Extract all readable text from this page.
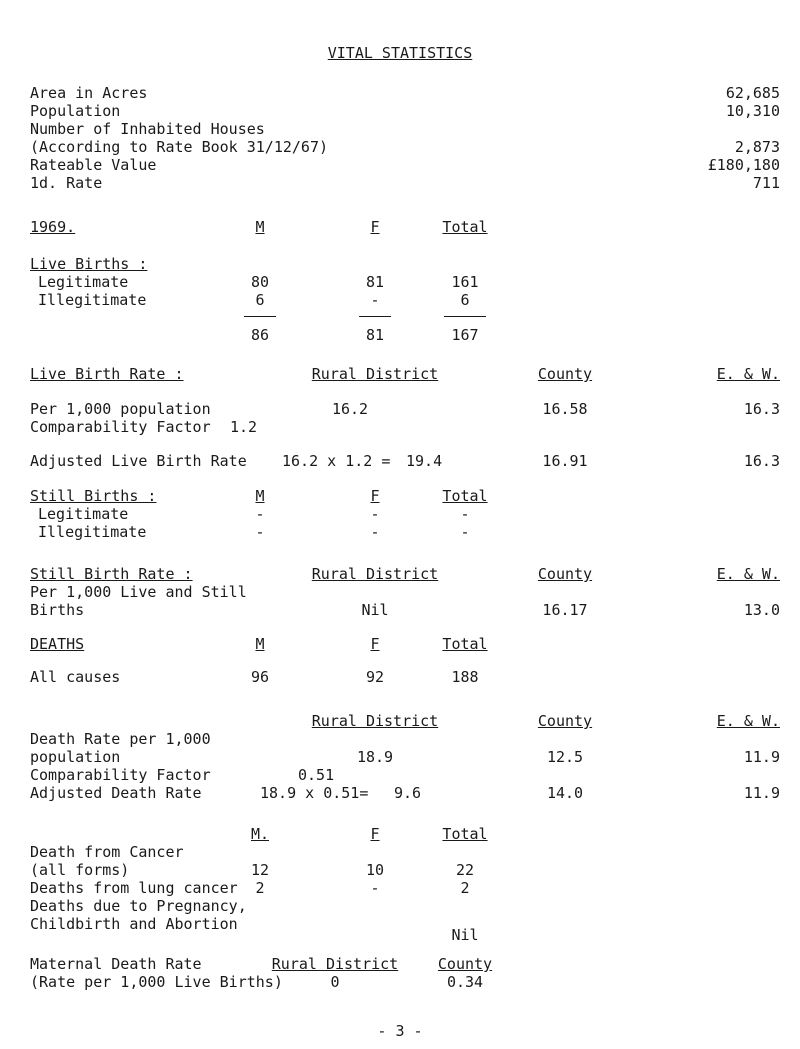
VITAL STATISTICS
Area in Acres	62,685
Population	10,310
Number of Inhabited Houses
(According to Rate Book 31/12/67)	2,873
Rateable Value	£180,180
1d. Rate	711
1969.	M	F	Total
Live Births :
Legitimate	80	81	161
Illegitimate	6	-	6
86	81	167
Live Birth Rate :	Rural District	County	E. & W.
Per 1,000 population	16.2	16.58	16.3
Comparability Factor 1.2
Adjusted Live Birth Rate 16.2 x 1.2 = 19.4	16.91	16.3
Still Births :	M	F	Total
Legitimate	-	-	-
Illegitimate	-	-	-
Still Birth Rate :	Rural District	County	E. & W.
Per 1,000 Live and Still
Births	Nil	16.17	13.0
DEATHS	M	F	Total
All causes	96	92	188
Rural District	County	E. & W.
Death Rate per 1,000
population	18.9	12.5	11.9
Comparability Factor	0.51
Adjusted Death Rate	18.9 x 0.51= 9.6	14.0	11.9
M.	F	Total
Death from Cancer
(all forms)	12	10	22
Deaths from lung cancer	2	-	2
Deaths due to Pregnancy,
Childbirth and Abortion
Nil
Maternal Death Rate	Rural District	County
(Rate per 1,000 Live Births)	0	0.34
- 3 -
